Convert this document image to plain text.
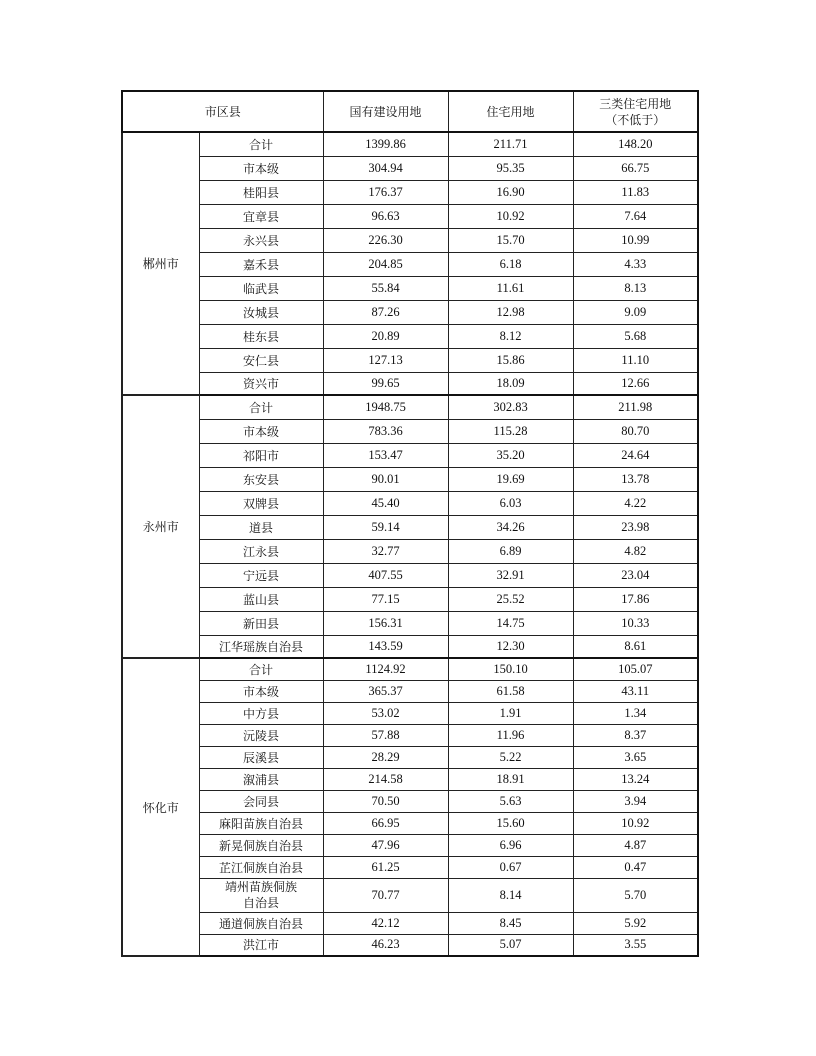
市区县		国有建设用地	住宅用地	三类住宅用地
（不低于）

郴州市	合计	1399.86	211.71	148.20
	市本级	304.94	95.35	66.75
	桂阳县	176.37	16.90	11.83
	宜章县	96.63	10.92	7.64
	永兴县	226.30	15.70	10.99
	嘉禾县	204.85	6.18	4.33
	临武县	55.84	11.61	8.13
	汝城县	87.26	12.98	9.09
	桂东县	20.89	8.12	5.68
	安仁县	127.13	15.86	11.10
	资兴市	99.65	18.09	12.66
永州市	合计	1948.75	302.83	211.98
	市本级	783.36	115.28	80.70
	祁阳市	153.47	35.20	24.64
	东安县	90.01	19.69	13.78
	双牌县	45.40	6.03	4.22
	道县	59.14	34.26	23.98
	江永县	32.77	6.89	4.82
	宁远县	407.55	32.91	23.04
	蓝山县	77.15	25.52	17.86
	新田县	156.31	14.75	10.33
	江华瑶族自治县	143.59	12.30	8.61
怀化市	合计	1124.92	150.10	105.07
	市本级	365.37	61.58	43.11
	中方县	53.02	1.91	1.34
	沅陵县	57.88	11.96	8.37
	辰溪县	28.29	5.22	3.65
	溆浦县	214.58	18.91	13.24
	会同县	70.50	5.63	3.94
	麻阳苗族自治县	66.95	15.60	10.92
	新晃侗族自治县	47.96	6.96	4.87
	芷江侗族自治县	61.25	0.67	0.47

	靖州苗族侗族
自治县	70.77	8.14	5.70
	通道侗族自治县	42.12	8.45	5.92
	洪江市	46.23	5.07	3.55
